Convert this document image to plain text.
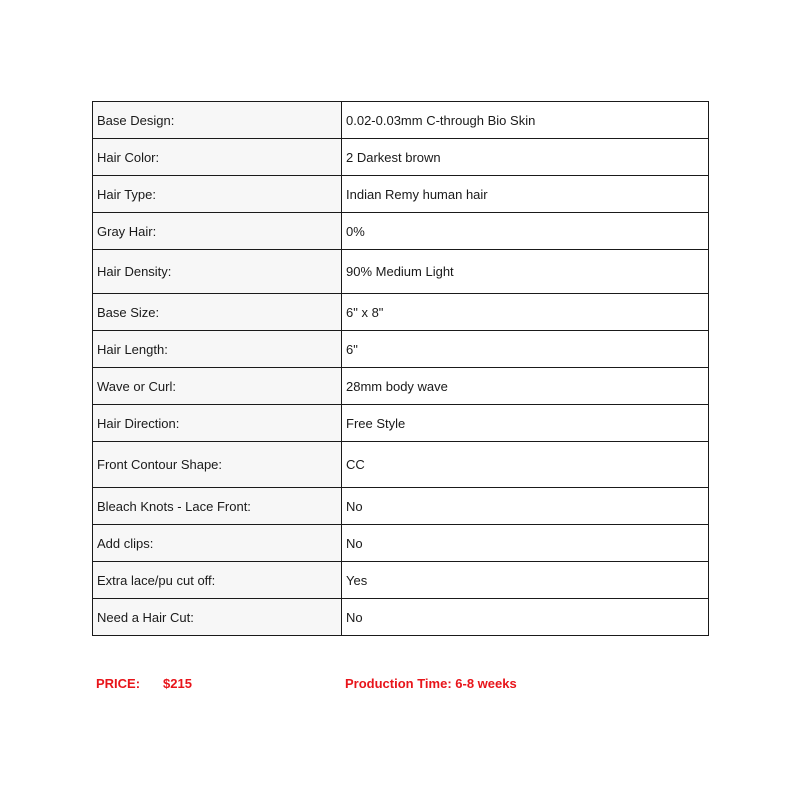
Base Design:	0.02-0.03mm C-through Bio Skin
Hair Color:	2 Darkest brown
Hair Type:	Indian Remy human hair
Gray Hair:	0%
Hair Density:	90% Medium Light
Base Size:	6" x 8"
Hair Length:	6"
Wave or Curl:	28mm body wave
Hair Direction:	Free Style
Front Contour Shape:	CC
Bleach Knots - Lace Front:	No
Add clips:	No
Extra lace/pu cut off:	Yes
Need a Hair Cut:	No
PRICE: $215	Production Time: 6-8 weeks
